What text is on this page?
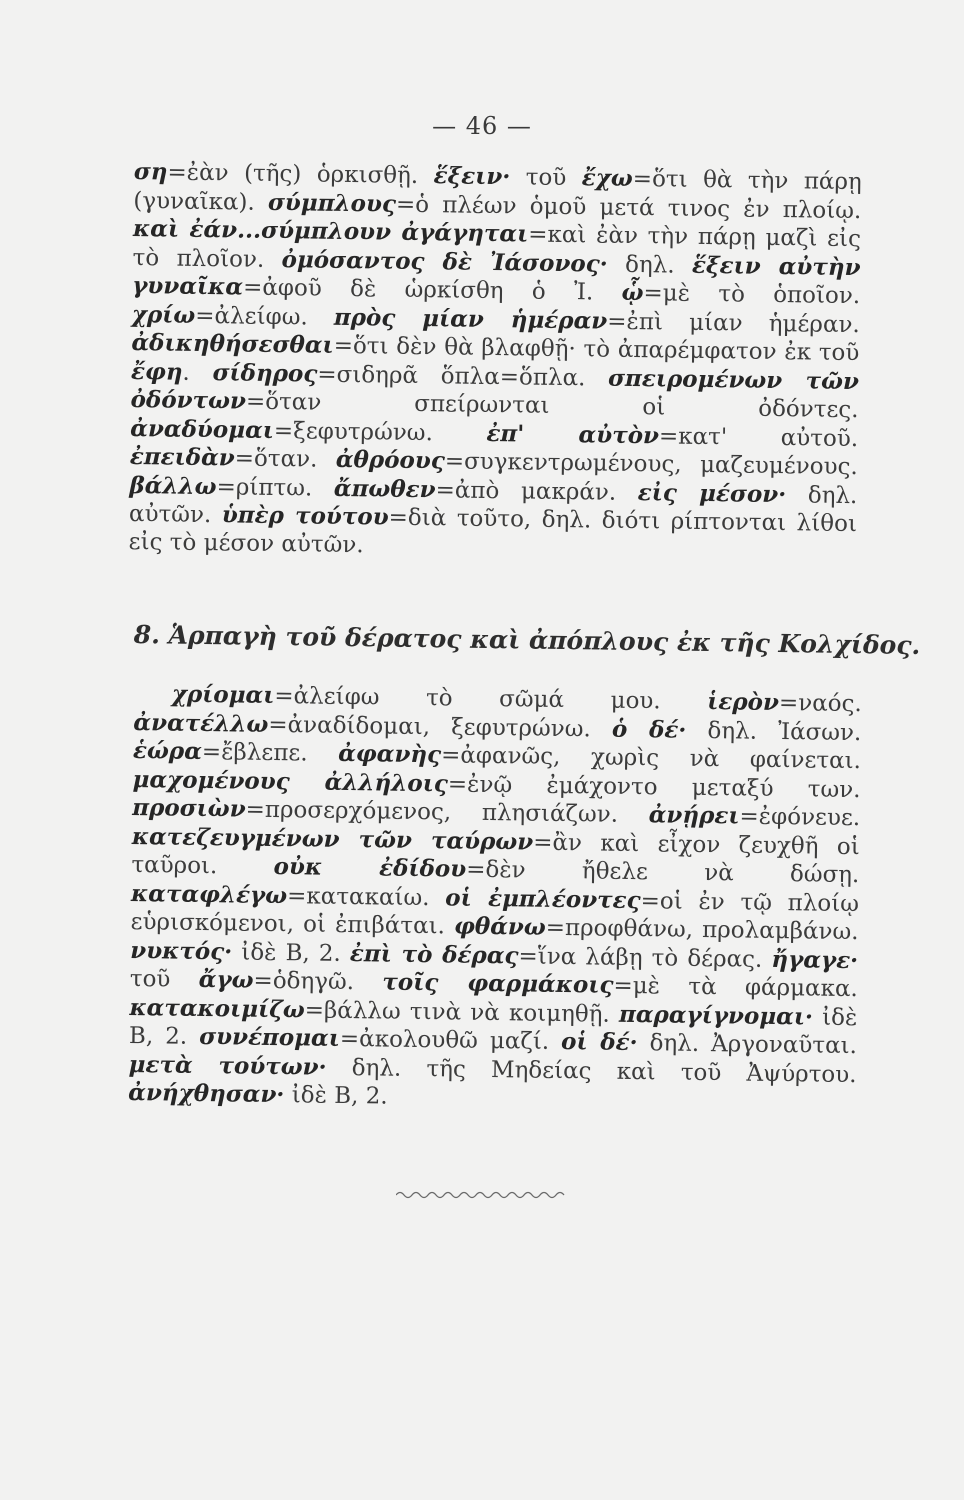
— 46 —

ση=ἐὰν (τῆς) ὁρκισθῇ. ἕξειν· τοῦ ἔχω=ὅτι θὰ τὴν πάρῃ (γυναῖκα). σύμπλους=ὁ πλέων ὁμοῦ μετά τινος ἐν πλοίῳ. καὶ ἐάν...σύμπλουν ἀγάγηται=καὶ ἐὰν τὴν πάρῃ μαζὶ εἰς τὸ πλοῖον. ὀμόσαντος δὲ Ἰάσονος· δηλ. ἕξειν αὐτὴν γυναῖκα=ἀφοῦ δὲ ὡρκίσθη ὁ Ἰ. ᾧ=μὲ τὸ ὁποῖον. χρίω=ἀλείφω. πρὸς μίαν ἡμέραν=ἐπὶ μίαν ἡμέραν. ἀδικηθήσεσθαι=ὅτι δὲν θὰ βλαφθῇ· τὸ ἀπαρέμφατον ἐκ τοῦ ἔφη. σίδηρος=σιδηρᾶ ὅπλα=ὅπλα. σπειρομένων τῶν ὀδόντων=ὅταν σπείρωνται οἱ ὀδόντες. ἀναδύομαι=ξεφυτρώνω. ἐπ' αὐτὸν=κατ' αὐτοῦ. ἐπειδὰν=ὅταν. ἀθρόους=συγκεντρωμένους, μαζευμένους. βάλλω=ρίπτω. ἄπωθεν=ἀπὸ μακράν. εἰς μέσον· δηλ. αὐτῶν. ὑπὲρ τούτου=διὰ τοῦτο, δηλ. διότι ρίπτονται λίθοι εἰς τὸ μέσον αὐτῶν.

8. Ἁρπαγὴ τοῦ δέρατος καὶ ἀπόπλους ἐκ τῆς Κολχίδος.

χρίομαι=ἀλείφω τὸ σῶμά μου. ἱερὸν=ναός. ἀνατέλλω=ἀναδίδομαι, ξεφυτρώνω. ὁ δέ· δηλ. Ἰάσων. ἑώρα=ἔβλεπε. ἀφανὴς=ἀφανῶς, χωρὶς νὰ φαίνεται. μαχομένους ἀλλήλοις=ἐνῷ ἐμάχοντο μεταξύ των. προσιὼν=προσερχόμενος, πλησιάζων. ἀνῄρει=ἐφόνευε. κατεζευγμένων τῶν ταύρων=ἂν καὶ εἶχον ζευχθῆ οἱ ταῦροι. οὐκ ἐδίδου=δὲν ἤθελε νὰ δώσῃ. καταφλέγω=κατακαίω. οἱ ἐμπλέοντες=οἱ ἐν τῷ πλοίῳ εὑρισκόμενοι, οἱ ἐπιβάται. φθάνω=προφθάνω, προλαμβάνω. νυκτός· ἰδὲ Β, 2. ἐπὶ τὸ δέρας=ἵνα λάβῃ τὸ δέρας. ἤγαγε· τοῦ ἄγω=ὁδηγῶ. τοῖς φαρμάκοις=μὲ τὰ φάρμακα. κατακοιμίζω=βάλλω τινὰ νὰ κοιμηθῇ. παραγίγνομαι· ἰδὲ Β, 2. συνέπομαι=ἀκολουθῶ μαζί. οἱ δέ· δηλ. Ἀργοναῦται. μετὰ τούτων· δηλ. τῆς Μηδείας καὶ τοῦ Ἀψύρτου. ἀνήχθησαν· ἰδὲ Β, 2.
